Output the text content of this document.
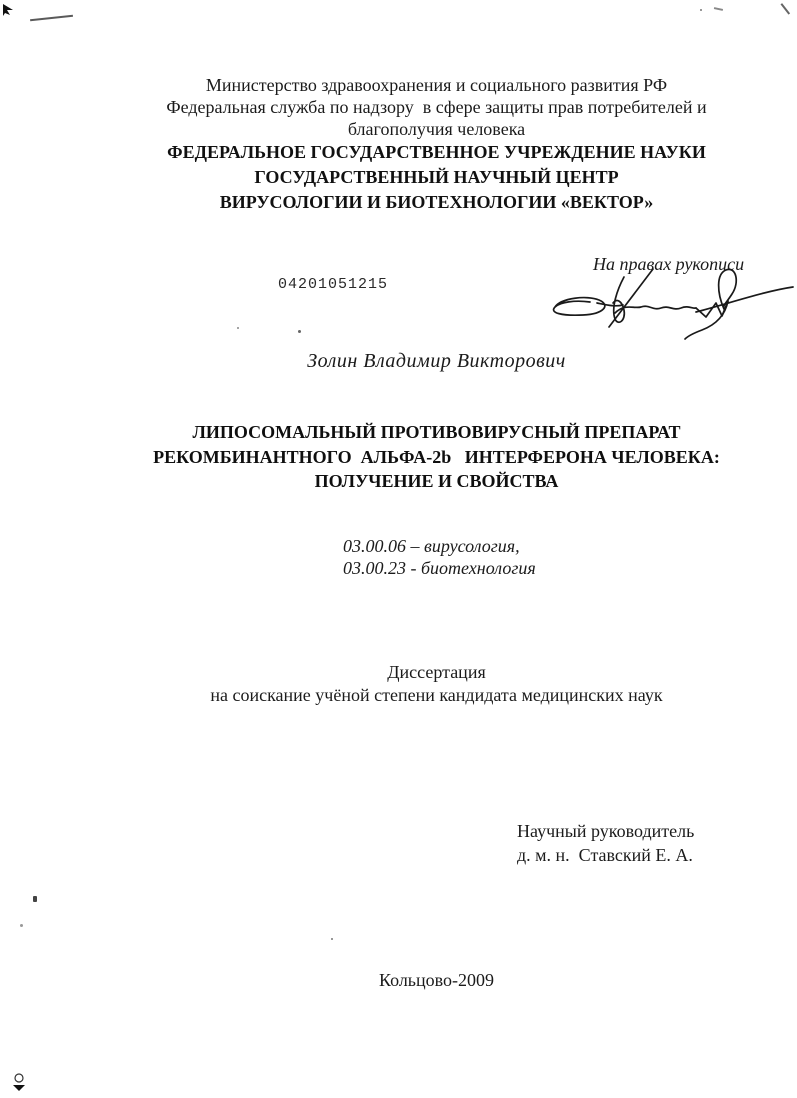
Министерство здравоохранения и социального развития РФ
Федеральная служба по надзору  в сфере защиты прав потребителей и
благополучия человека
ФЕДЕРАЛЬНОЕ ГОСУДАРСТВЕННОЕ УЧРЕЖДЕНИЕ НАУКИ
ГОСУДАРСТВЕННЫЙ НАУЧНЫЙ ЦЕНТР
ВИРУСОЛОГИИ И БИОТЕХНОЛОГИИ «ВЕКТОР»
04201051215
На правах рукописи
Золин Владимир Викторович
ЛИПОСОМАЛЬНЫЙ ПРОТИВОВИРУСНЫЙ ПРЕПАРАТ
РЕКОМБИНАНТНОГО  АЛЬФА-2b   ИНТЕРФЕРОНА ЧЕЛОВЕКА:
ПОЛУЧЕНИЕ И СВОЙСТВА
03.00.06 – вирусология,
03.00.23 - биотехнология
Диссертация
на соискание учёной степени кандидата медицинских наук
Научный руководитель
д. м. н.  Ставский Е. А.
Кольцово-2009
